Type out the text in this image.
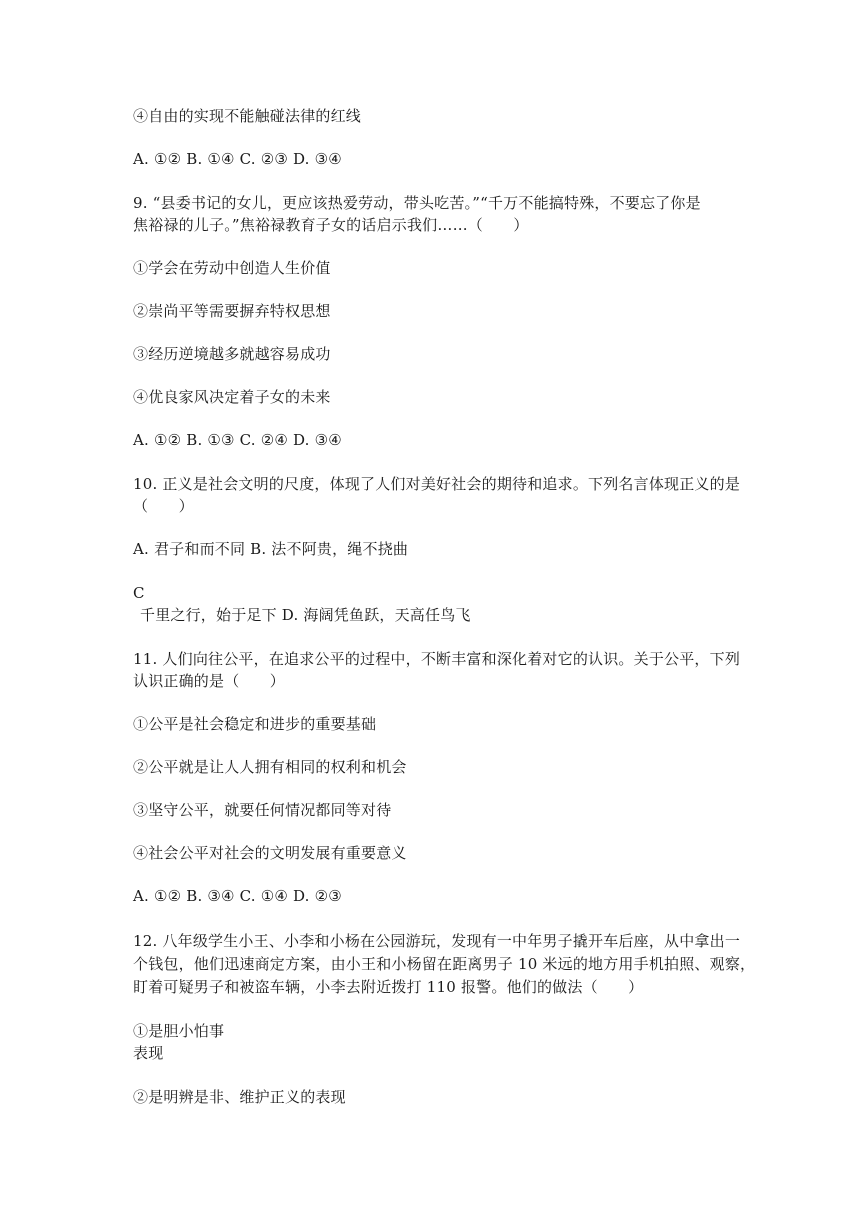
④自由的实现不能触碰法律的红线
A. ①② B. ①④ C. ②③ D. ③④
9. “县委书记的女儿，更应该热爱劳动，带头吃苦。”“千万不能搞特殊，不要忘了你是
焦裕禄的儿子。”焦裕禄教育子女的话启示我们……（　　）
①学会在劳动中创造人生价值
②崇尚平等需要摒弃特权思想
③经历逆境越多就越容易成功
④优良家风决定着子女的未来
A. ①② B. ①③ C. ②④ D. ③④
10. 正义是社会文明的尺度，体现了人们对美好社会的期待和追求。下列名言体现正义的是
（　　）
A. 君子和而不同 B. 法不阿贵，绳不挠曲
C
千里之行，始于足下 D. 海阔凭鱼跃，天高任鸟飞
11. 人们向往公平，在追求公平的过程中，不断丰富和深化着对它的认识。关于公平，下列
认识正确的是（　　）
①公平是社会稳定和进步的重要基础
②公平就是让人人拥有相同的权利和机会
③坚守公平，就要任何情况都同等对待
④社会公平对社会的文明发展有重要意义
A. ①② B. ③④ C. ①④ D. ②③
12. 八年级学生小王、小李和小杨在公园游玩，发现有一中年男子撬开车后座，从中拿出一
个钱包，他们迅速商定方案，由小王和小杨留在距离男子 10 米远的地方用手机拍照、观察，
盯着可疑男子和被盗车辆，小李去附近拨打 110 报警。他们的做法（　　）
①是胆小怕事
表现
②是明辨是非、维护正义的表现
